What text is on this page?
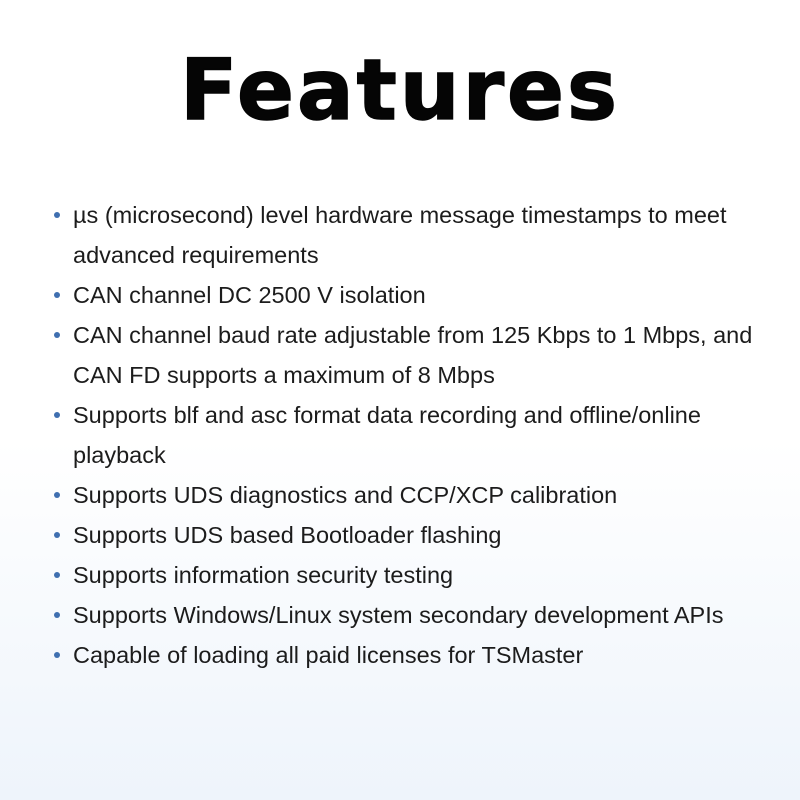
Features
µs (microsecond) level hardware message timestamps to meet advanced requirements
CAN channel DC 2500 V isolation
CAN channel baud rate adjustable from 125 Kbps to 1 Mbps, and CAN FD supports a maximum of 8 Mbps
Supports blf and asc format data recording and offline/online playback
Supports UDS diagnostics and CCP/XCP calibration
Supports UDS based Bootloader flashing
Supports information security testing
Supports Windows/Linux system secondary development APIs
Capable of loading all paid licenses for TSMaster
